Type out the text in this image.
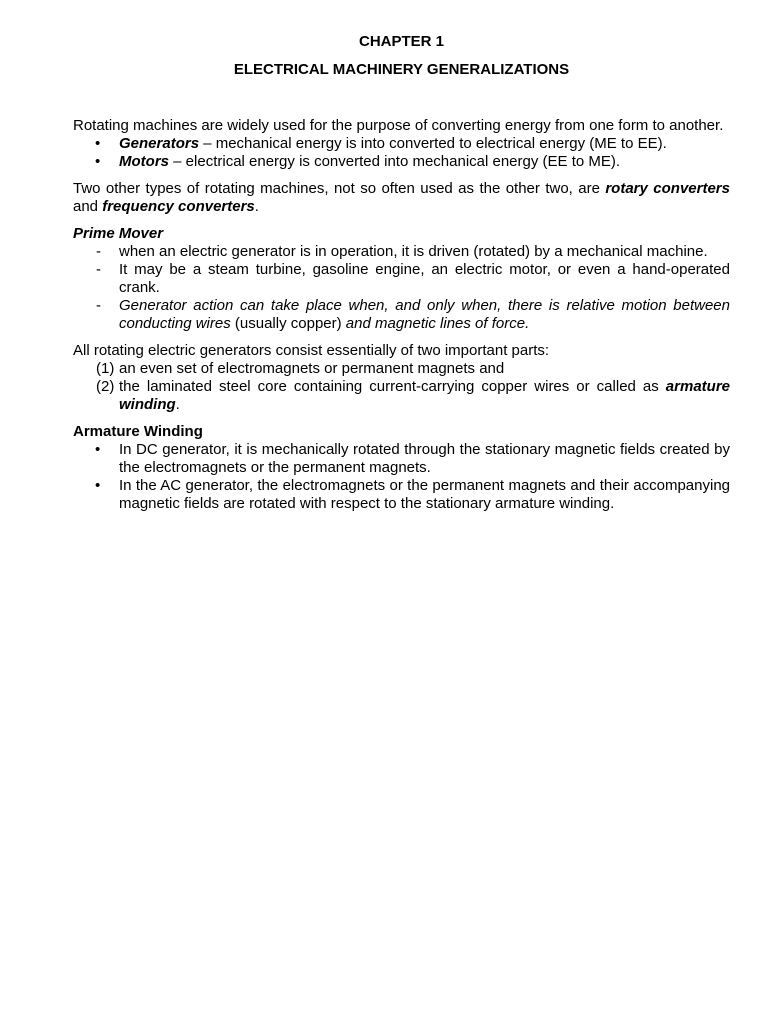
CHAPTER 1
ELECTRICAL MACHINERY GENERALIZATIONS

Rotating machines are widely used for the purpose of converting energy from one form to another.

• Generators – mechanical energy is into converted to electrical energy (ME to EE).
• Motors – electrical energy is converted into mechanical energy (EE to ME).

Two other types of rotating machines, not so often used as the other two, are rotary converters and frequency converters.

Prime Mover
- when an electric generator is in operation, it is driven (rotated) by a mechanical machine.
- It may be a steam turbine, gasoline engine, an electric motor, or even a hand-operated crank.
- Generator action can take place when, and only when, there is relative motion between conducting wires (usually copper) and magnetic lines of force.

All rotating electric generators consist essentially of two important parts:

(1) an even set of electromagnets or permanent magnets and
(2) the laminated steel core containing current-carrying copper wires or called as armature winding.
Armature Winding
• In DC generator, it is mechanically rotated through the stationary magnetic fields created by the electromagnets or the permanent magnets.
• In the AC generator, the electromagnets or the permanent magnets and their accompanying magnetic fields are rotated with respect to the stationary armature winding.
